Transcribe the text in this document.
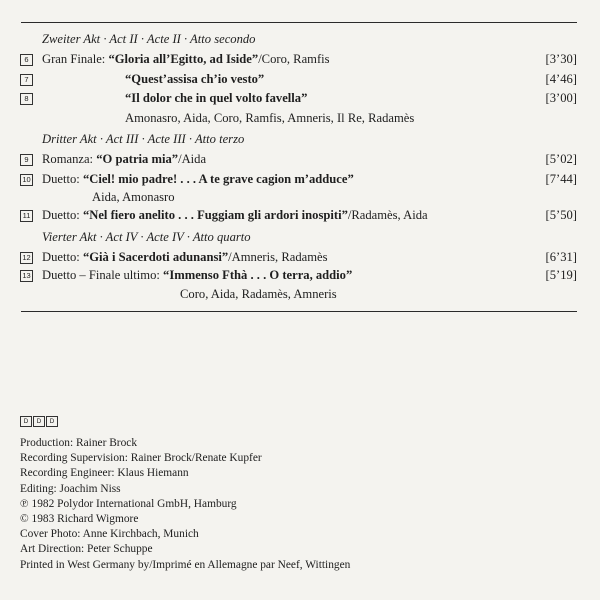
Zweiter Akt · Act II · Acte II · Atto secondo
6	Gran Finale: “Gloria all’Egitto, ad Iside”/Coro, Ramfis	[3’30]
7	“Quest’assisa ch’io vesto”	[4’46]
8	“Il dolor che in quel volto favella”	[3’00]
Amonasro, Aida, Coro, Ramfis, Amneris, Il Re, Radamès
Dritter Akt · Act III · Acte III · Atto terzo
9	Romanza: “O patria mia”/Aida	[5’02]
10 Duetto: “Ciel! mio padre! . . . A te grave cagion m’adduce”	[7’44]
Aida, Amonasro
11 Duetto: “Nel fiero anelito . . . Fuggiam gli ardori inospiti”/Radamès, Aida	[5’50]
Vierter Akt · Act IV · Acte IV · Atto quarto
12 Duetto: “Già i Sacerdoti adunansi”/Amneris, Radamès	[6’31]
13 Duetto – Finale ultimo: “Immenso Fthà . . . O terra, addio”	[5’19]
Coro, Aida, Radamès, Amneris
D	D	D
Production: Rainer Brock
Recording Supervision: Rainer Brock/Renate Kupfer
Recording Engineer: Klaus Hiemann
Editing: Joachim Niss
℗ 1982 Polydor International GmbH, Hamburg
© 1983 Richard Wigmore
Cover Photo: Anne Kirchbach, Munich
Art Direction: Peter Schuppe
Printed in West Germany by/Imprimé en Allemagne par Neef, Wittingen
